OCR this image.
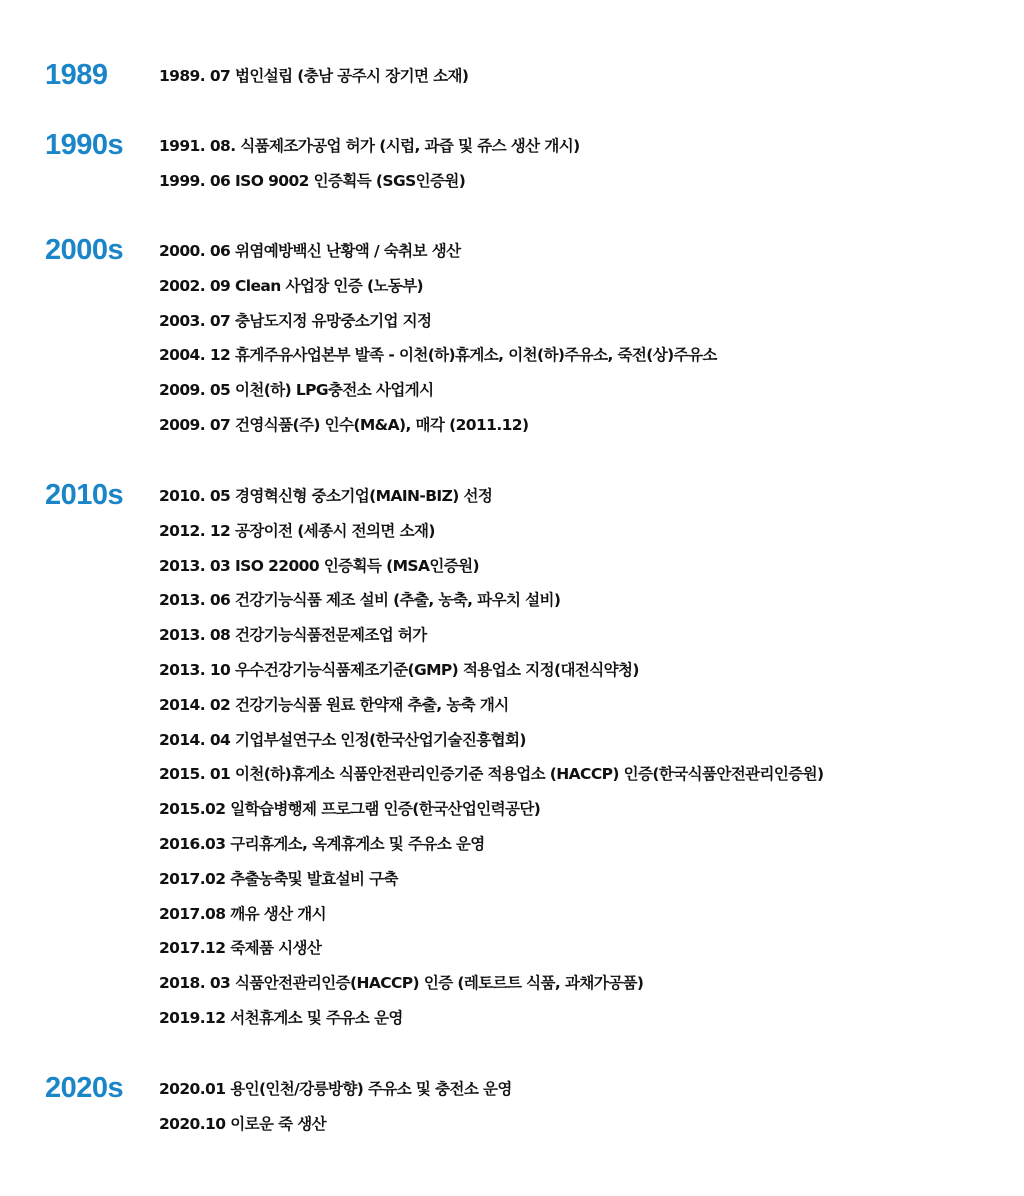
1989	1989. 07 법인설립 (충남 공주시 장기면 소재)
1990s 1991. 08. 식품제조가공업 허가 (시럽, 과즙 및 쥬스 생산 개시)
1999. 06 ISO 9002 인증획득 (SGS인증원)
2000s 2000. 06 위염예방백신 난황액 / 숙취보 생산
2002. 09 Clean 사업장 인증 (노동부)
2003. 07 충남도지정 유망중소기업 지정
2004. 12 휴게주유사업본부 발족 - 이천(하)휴게소, 이천(하)주유소, 죽전(상)주유소
2009. 05 이천(하) LPG충전소 사업게시
2009. 07 건영식품(주) 인수(M&A), 매각 (2011.12)
2010s 2010. 05 경영혁신형 중소기업(MAIN-BIZ) 선정
2012. 12 공장이전 (세종시 전의면 소재)
2013. 03 ISO 22000 인증획득 (MSA인증원)
2013. 06 건강기능식품 제조 설비 (추출, 농축, 파우치 설비)
2013. 08 건강기능식품전문제조업 허가
2013. 10 우수건강기능식품제조기준(GMP) 적용업소 지정(대전식약청)
2014. 02 건강기능식품 원료 한약재 추출, 농축 개시
2014. 04 기업부설연구소 인정(한국산업기술진흥협회)
2015. 01 이천(하)휴게소 식품안전관리인증기준 적용업소 (HACCP) 인증(한국식품안전관리인증원)
2015.02 일학습병행제 프로그램 인증(한국산업인력공단)
2016.03 구리휴게소, 옥계휴게소 및 주유소 운영
2017.02 추출농축및 발효설비 구축
2017.08 깨유 생산 개시
2017.12 죽제품 시생산
2018. 03 식품안전관리인증(HACCP) 인증 (레토르트 식품, 과채가공품)
2019.12 서천휴게소 및 주유소 운영
2020s 2020.01 용인(인천/강릉방향) 주유소 및 충전소 운영
2020.10 이로운 죽 생산
